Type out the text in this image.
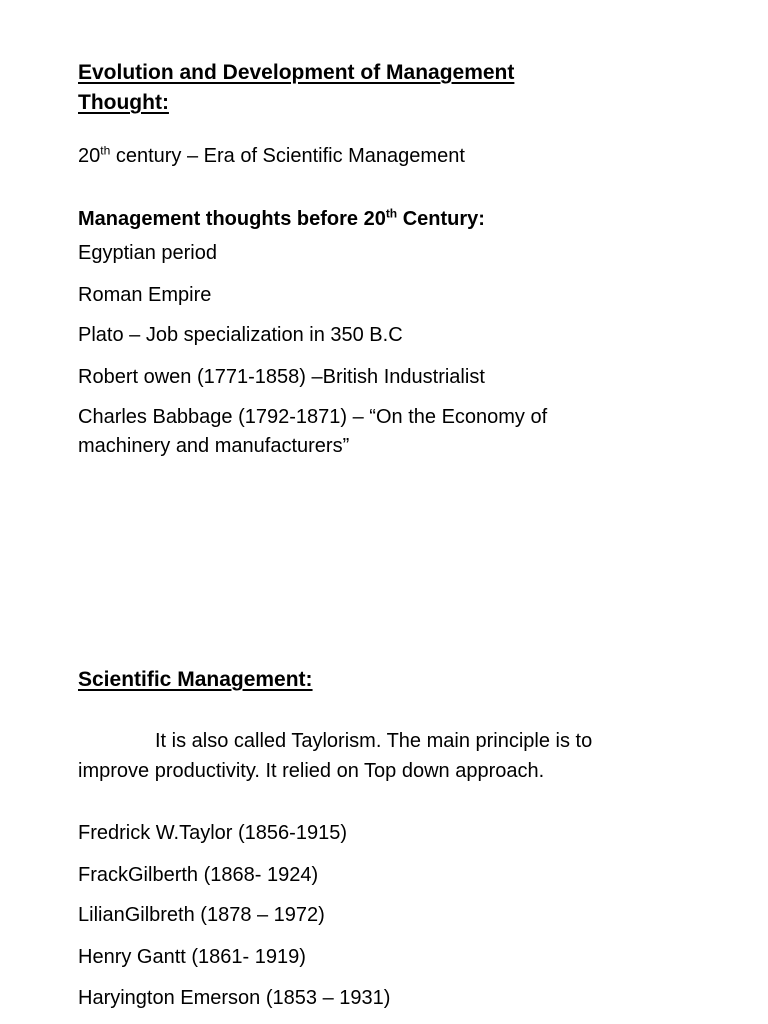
Evolution and Development of Management
Thought:
20th century – Era of Scientific Management
Management thoughts before 20th Century:
Egyptian period
Roman Empire
Plato – Job specialization in 350 B.C
Robert owen (1771-1858) –British Industrialist
Charles Babbage (1792-1871) – “On the Economy of
machinery and manufacturers”
Scientific Management:
It is also called Taylorism. The main principle is to
improve productivity. It relied on Top down approach.
Fredrick W.Taylor (1856-1915)
FrackGilberth (1868- 1924)
LilianGilbreth (1878 – 1972)
Henry Gantt (1861- 1919)
Haryington Emerson (1853 – 1931)
